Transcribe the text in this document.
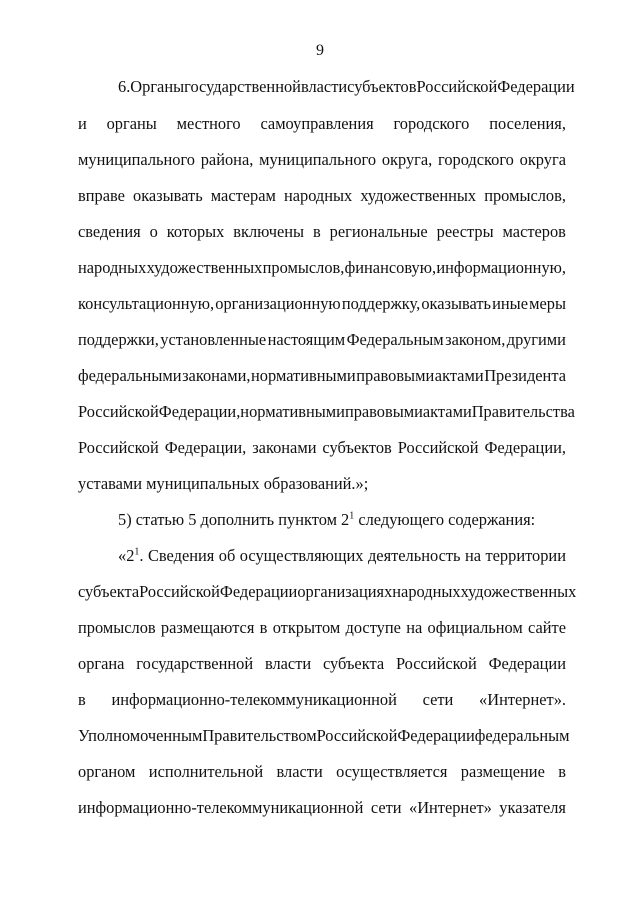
9
6. Органы государственной власти субъектов Российской Федерации
и органы местного самоуправления городского поселения,
муниципального района, муниципального округа, городского округа
вправе оказывать мастерам народных художественных промыслов,
сведения о которых включены в региональные реестры мастеров
народных художественных промыслов, финансовую, информационную,
консультационную, организационную поддержку, оказывать иные меры
поддержки, установленные настоящим Федеральным законом, другими
федеральными законами, нормативными правовыми актами Президента
Российской Федерации, нормативными правовыми актами Правительства
Российской Федерации, законами субъектов Российской Федерации,
уставами муниципальных образований.»;
5) статью 5 дополнить пунктом $2^1$ следующего содержания:
«$2^1$. Сведения об осуществляющих деятельность на территории
субъекта Российской Федерации организациях народных художественных
промыслов размещаются в открытом доступе на официальном сайте
органа государственной власти субъекта Российской Федерации
в информационно-телекоммуникационной сети «Интернет».
Уполномоченным Правительством Российской Федерации федеральным
органом исполнительной власти осуществляется размещение в
информационно-телекоммуникационной сети «Интернет» указателя
